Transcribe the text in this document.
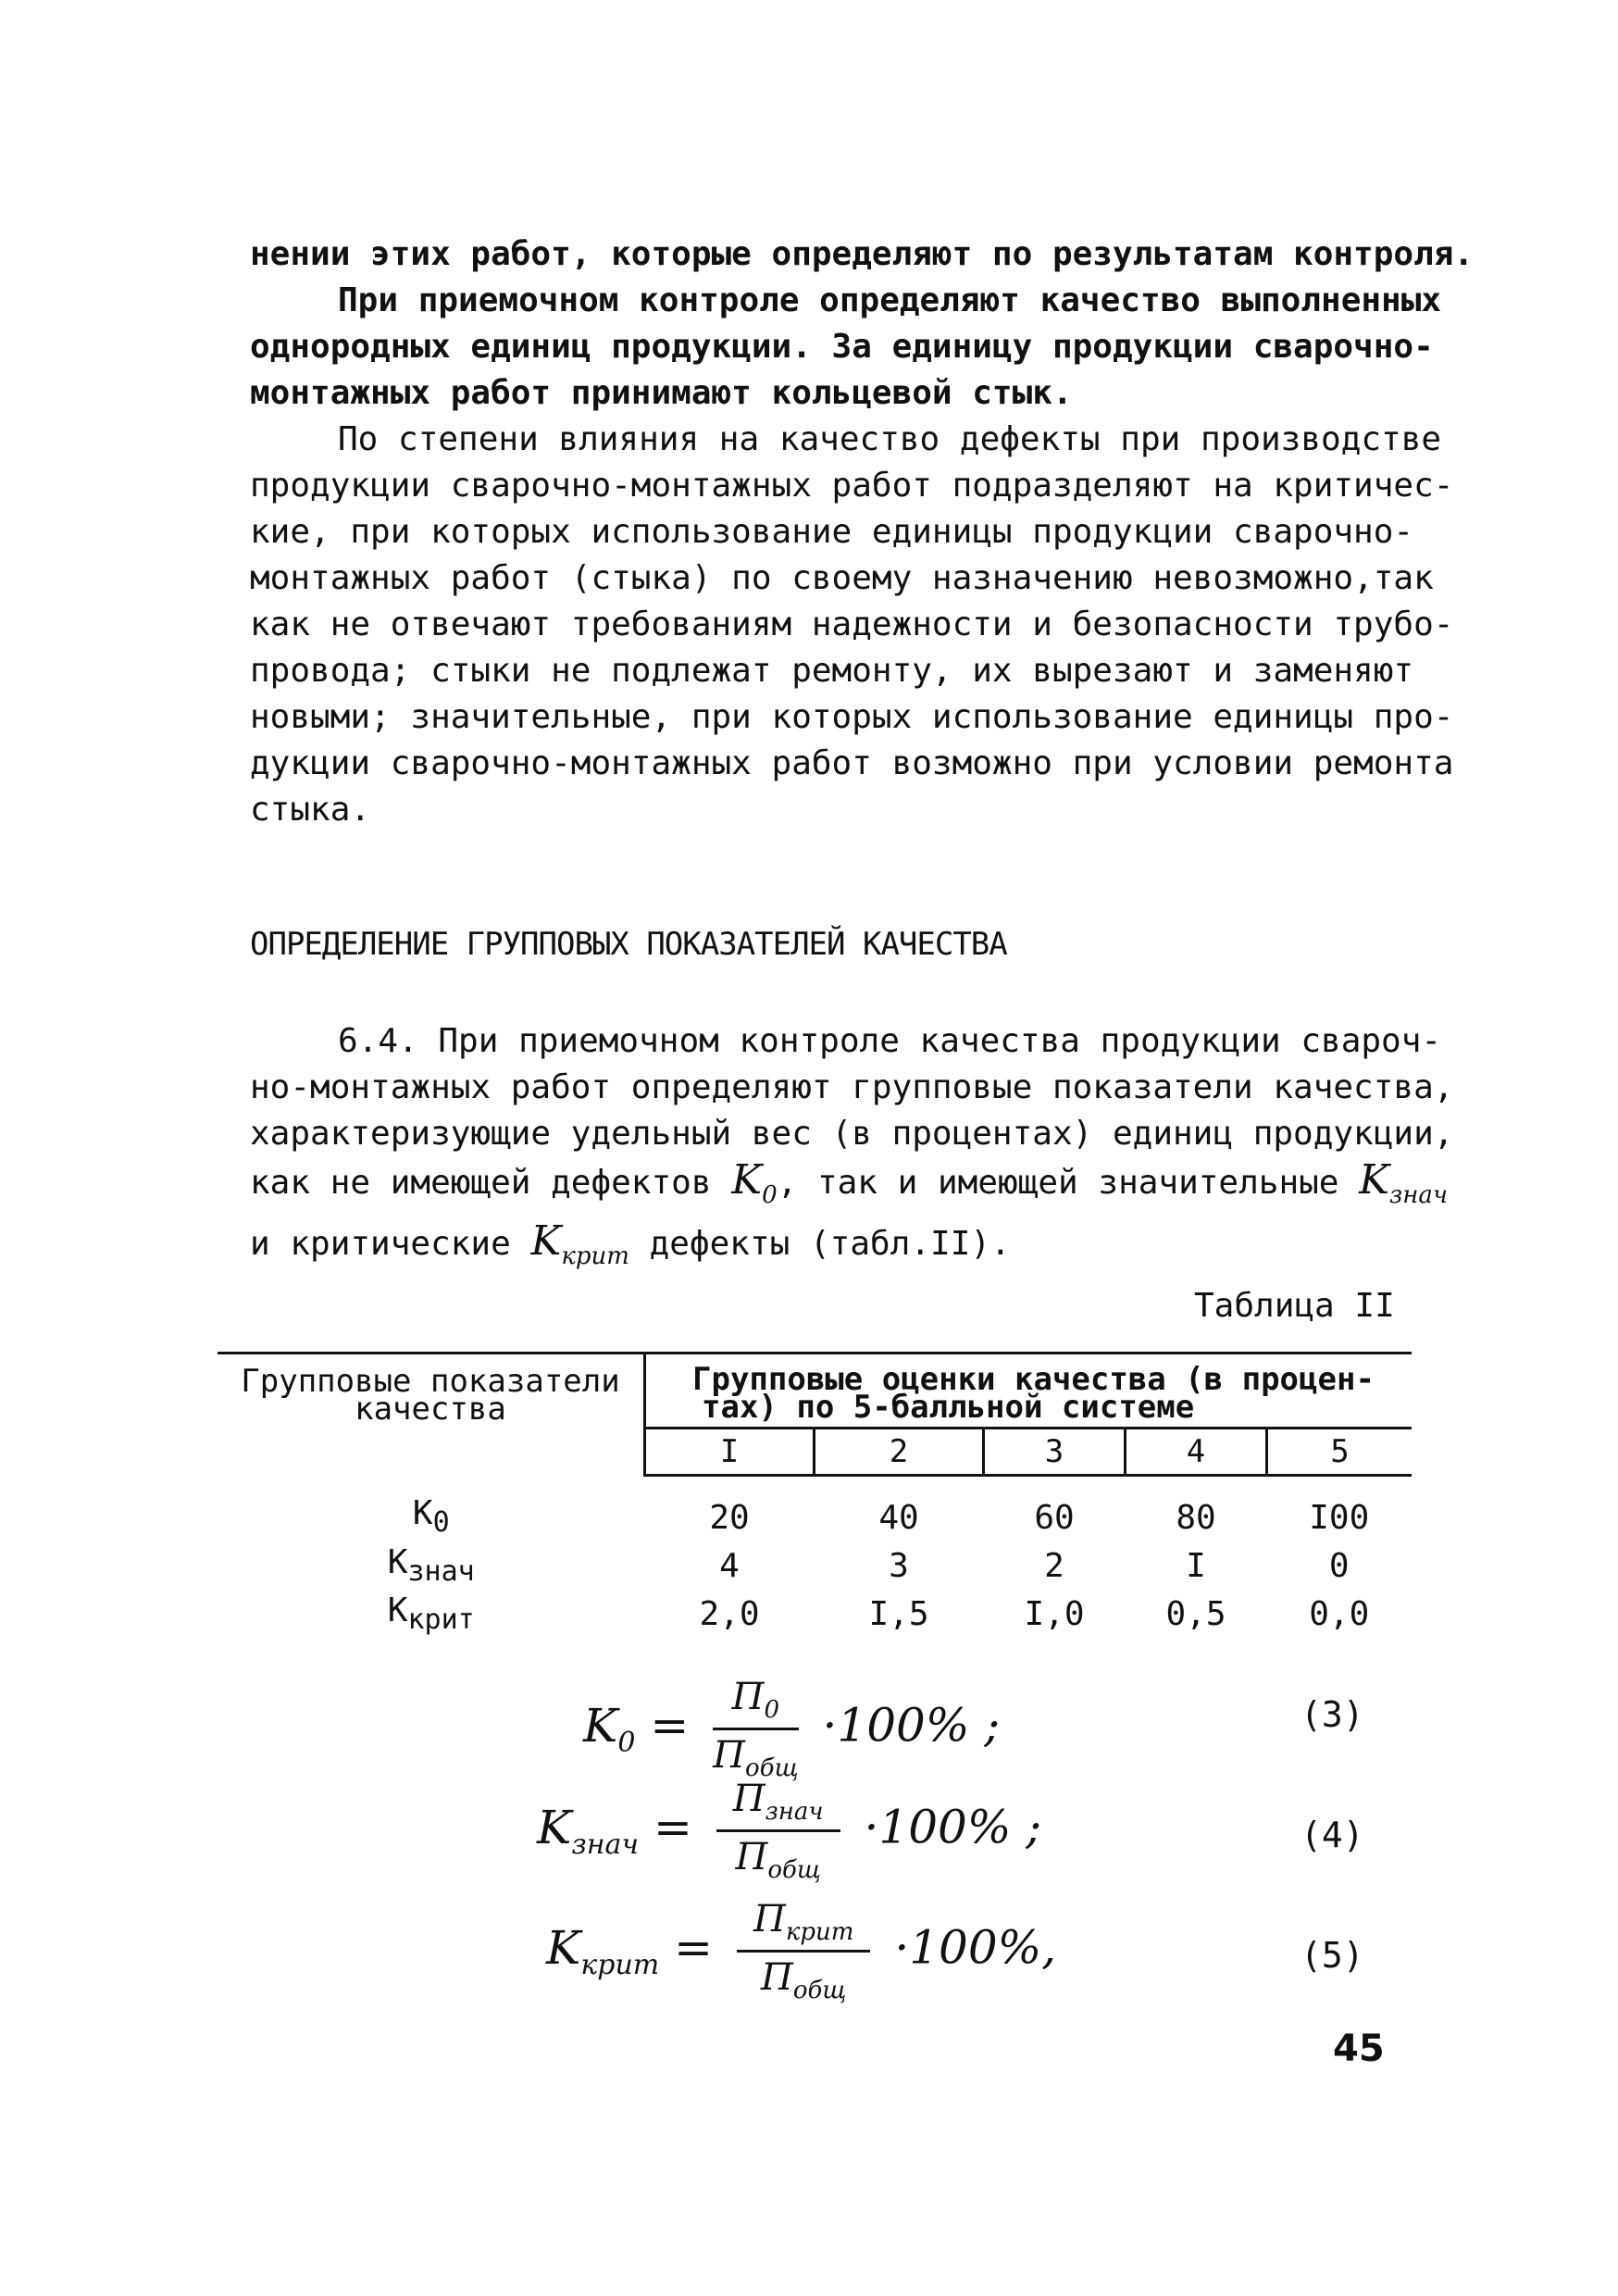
нении этих работ, которые определяют по результатам контроля.

При приемочном контроле определяют качество выполненных
однородных единиц продукции. За единицу продукции сварочно-
монтажных работ принимают кольцевой стык.

По степени влияния на качество дефекты при производстве
продукции сварочно-монтажных работ подразделяют на критичес-
кие, при которых использование единицы продукции сварочно-
монтажных работ (стыка) по своему назначению невозможно,так
как не отвечают требованиям надежности и безопасности трубо-
провода; стыки не подлежат ремонту, их вырезают и заменяют
новыми; значительные, при которых использование единицы про-
дукции сварочно-монтажных работ возможно при условии ремонта
стыка.

ОПРЕДЕЛЕНИЕ ГРУППОВЫХ ПОКАЗАТЕЛЕЙ КАЧЕСТВА

6.4. При приемочном контроле качества продукции свароч-
но-монтажных работ определяют групповые показатели качества,
характеризующие удельный вес (в процентах) единиц продукции,
как не имеющей дефектов $K_0$, так и имеющей значительные $K_{знач}$
и критические $K_{крит}$ дефекты (табл.II).

Таблица II
Групповые показатели
качества	Групповые оценки качества (в процен-
тах) по 5-балльной системе				

	I	2	3	4	5
$K_0$	20	40	60	80	I00
$K_{знач}$	4	3	2	I	0
$K_{крит}$	2,0	I,5	I,0	0,5	0,0
$K_0 = \frac{П_0}{П_{общ}} \cdot 100\%$ ;	(3)
$K_{знач} = \frac{П_{знач}}{П_{общ}} \cdot 100\%$ ;	(4)
$K_{крит} = \frac{П_{крит}}{П_{общ}} \cdot 100\%$,	(5)
45
